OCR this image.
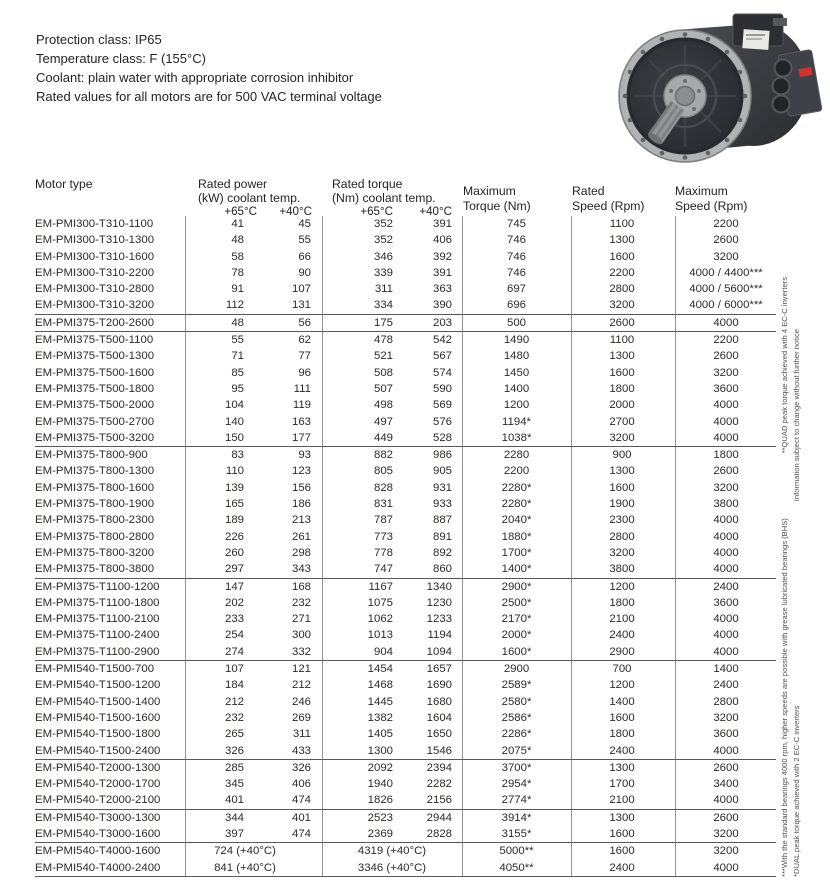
Protection class: IP65
Temperature class: F (155°C)
Coolant: plain water with appropriate corrosion inhibitor
Rated values for all motors are for 500 VAC terminal voltage
Motor type	Rated power
(kW) coolant temp.
+65°C	+40°C
Rated torque
(Nm) coolant temp.
+65°C	+40°C
Maximum
Torque (Nm)
Rated
Speed (Rpm)
Maximum
Speed (Rpm)
EM-PMI300-T310-1100	41	45	352	391	745	1100	2200
EM-PMI300-T310-1300	48	55	352	406	746	1300	2600
EM-PMI300-T310-1600	58	66	346	392	746	1600	3200
EM-PMI300-T310-2200	78	90	339	391	746	2200	4000 / 4400***
EM-PMI300-T310-2800	91	107	311	363	697	2800	4000 / 5600***
EM-PMI300-T310-3200	112	131	334	390	696	3200	4000 / 6000***
EM-PMI375-T200-2600	48	56	175	203	500	2600	4000
EM-PMI375-T500-1100	55	62	478	542	1490	1100	2200
EM-PMI375-T500-1300	71	77	521	567	1480	1300	2600
EM-PMI375-T500-1600	85	96	508	574	1450	1600	3200
EM-PMI375-T500-1800	95	111	507	590	1400	1800	3600
EM-PMI375-T500-2000	104	119	498	569	1200	2000	4000
EM-PMI375-T500-2700	140	163	497	576	1194*	2700	4000
EM-PMI375-T500-3200	150	177	449	528	1038*	3200	4000
EM-PMI375-T800-900	83	93	882	986	2280	900	1800
EM-PMI375-T800-1300	110	123	805	905	2200	1300	2600
EM-PMI375-T800-1600	139	156	828	931	2280*	1600	3200
EM-PMI375-T800-1900	165	186	831	933	2280*	1900	3800
EM-PMI375-T800-2300	189	213	787	887	2040*	2300	4000
EM-PMI375-T800-2800	226	261	773	891	1880*	2800	4000
EM-PMI375-T800-3200	260	298	778	892	1700*	3200	4000
EM-PMI375-T800-3800	297	343	747	860	1400*	3800	4000
EM-PMI375-T1100-1200	147	168	1167	1340	2900*	1200	2400
EM-PMI375-T1100-1800	202	232	1075	1230	2500*	1800	3600
EM-PMI375-T1100-2100	233	271	1062	1233	2170*	2100	4000
EM-PMI375-T1100-2400	254	300	1013	1194	2000*	2400	4000
EM-PMI375-T1100-2900	274	332	904	1094	1600*	2900	4000
EM-PMI540-T1500-700	107	121	1454	1657	2900	700	1400
EM-PMI540-T1500-1200	184	212	1468	1690	2589*	1200	2400
EM-PMI540-T1500-1400	212	246	1445	1680	2580*	1400	2800
EM-PMI540-T1500-1600	232	269	1382	1604	2586*	1600	3200
EM-PMI540-T1500-1800	265	311	1405	1650	2286*	1800	3600
EM-PMI540-T1500-2400	326	433	1300	1546	2075*	2400	4000
EM-PMI540-T2000-1300	285	326	2092	2394	3700*	1300	2600
EM-PMI540-T2000-1700	345	406	1940	2282	2954*	1700	3400
EM-PMI540-T2000-2100	401	474	1826	2156	2774*	2100	4000
EM-PMI540-T3000-1300	344	401	2523	2944	3914*	1300	2600
EM-PMI540-T3000-1600	397	474	2369	2828	3155*	1600	3200
EM-PMI540-T4000-1600	724 (+40°C)	4319 (+40°C)	5000**	1600	3200
EM-PMI540-T4000-2400	841 (+40°C)	3346 (+40°C)	4050**	2400	4000	***With the standard bearings 4000 rpm, higher speeds are possible with grease lubricated bearings (BHS)
**QUAD peak torque achieved with 4 EC-C inverters
*DUAL peak torque achieved with 2 EC-C inverters
Information subject to change without further notice
